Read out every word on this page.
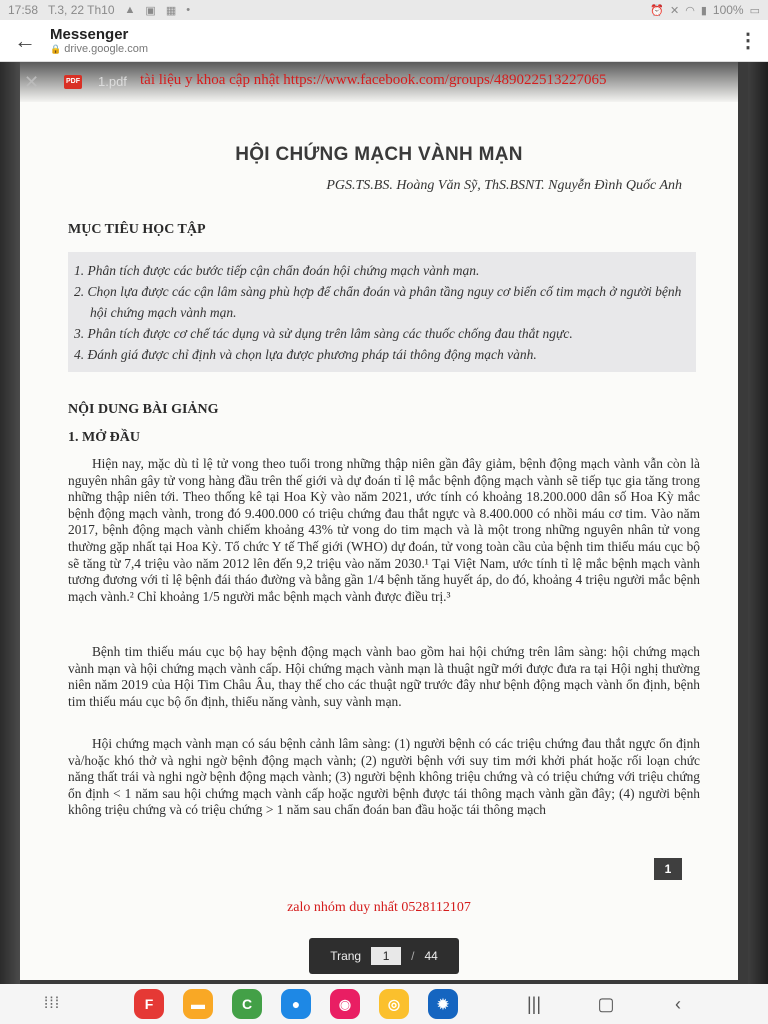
17:58 T.3, 22 Th10 ▲ ▣ ▦ •	⏰ ✕ ◠ ▮ 100% ▭
← Messenger
🔒 drive.google.com	⋮
✕	PDF 1.pdf tài liệu y khoa cập nhật https://www.facebook.com/groups/489022513227065
HỘI CHỨNG MẠCH VÀNH MẠN
PGS.TS.BS. Hoàng Văn Sỹ, ThS.BSNT. Nguyễn Đình Quốc Anh
MỤC TIÊU HỌC TẬP
1. Phân tích được các bước tiếp cận chẩn đoán hội chứng mạch vành mạn.
2. Chọn lựa được các cận lâm sàng phù hợp để chẩn đoán và phân tầng nguy cơ biến cố tim mạch ở người bệnh hội chứng mạch vành mạn.
3. Phân tích được cơ chế tác dụng và sử dụng trên lâm sàng các thuốc chống đau thắt ngực.
4. Đánh giá được chỉ định và chọn lựa được phương pháp tái thông động mạch vành.
NỘI DUNG BÀI GIẢNG
1. MỞ ĐẦU
Hiện nay, mặc dù tỉ lệ tử vong theo tuổi trong những thập niên gần đây giảm, bệnh động mạch vành vẫn còn là nguyên nhân gây tử vong hàng đầu trên thế giới và dự đoán tỉ lệ mắc bệnh động mạch vành sẽ tiếp tục gia tăng trong những thập niên tới. Theo thống kê tại Hoa Kỳ vào năm 2021, ước tính có khoảng 18.200.000 dân số Hoa Kỳ mắc bệnh động mạch vành, trong đó 9.400.000 có triệu chứng đau thắt ngực và 8.400.000 có nhồi máu cơ tim. Vào năm 2017, bệnh động mạch vành chiếm khoảng 43% tử vong do tim mạch và là một trong những nguyên nhân tử vong thường gặp nhất tại Hoa Kỳ. Tổ chức Y tế Thế giới (WHO) dự đoán, tử vong toàn cầu của bệnh tim thiếu máu cục bộ sẽ tăng từ 7,4 triệu vào năm 2012 lên đến 9,2 triệu vào năm 2030.¹ Tại Việt Nam, ước tính tỉ lệ mắc bệnh mạch vành tương đương với tỉ lệ bệnh đái tháo đường và bằng gần 1/4 bệnh tăng huyết áp, do đó, khoảng 4 triệu người mắc bệnh mạch vành.² Chỉ khoảng 1/5 người mắc bệnh mạch vành được điều trị.³
Bệnh tim thiếu máu cục bộ hay bệnh động mạch vành bao gồm hai hội chứng trên lâm sàng: hội chứng mạch vành mạn và hội chứng mạch vành cấp. Hội chứng mạch vành mạn là thuật ngữ mới được đưa ra tại Hội nghị thường niên năm 2019 của Hội Tim Châu Âu, thay thế cho các thuật ngữ trước đây như bệnh động mạch vành ổn định, bệnh tim thiếu máu cục bộ ổn định, thiểu năng vành, suy vành mạn.
Hội chứng mạch vành mạn có sáu bệnh cảnh lâm sàng: (1) người bệnh có các triệu chứng đau thắt ngực ổn định và/hoặc khó thở và nghi ngờ bệnh động mạch vành; (2) người bệnh với suy tim mới khởi phát hoặc rối loạn chức năng thất trái và nghi ngờ bệnh động mạch vành; (3) người bệnh không triệu chứng và có triệu chứng với triệu chứng ổn định < 1 năm sau hội chứng mạch vành cấp hoặc người bệnh được tái thông mạch vành gần đây; (4) người bệnh không triệu chứng và có triệu chứng > 1 năm sau chẩn đoán ban đầu hoặc tái thông mạch
1
zalo nhóm duy nhất 0528112107
Trang
1	/ 44
⁞⁞⁞	F	▬	C	●	◉	◎	✹	|||	▢	‹
